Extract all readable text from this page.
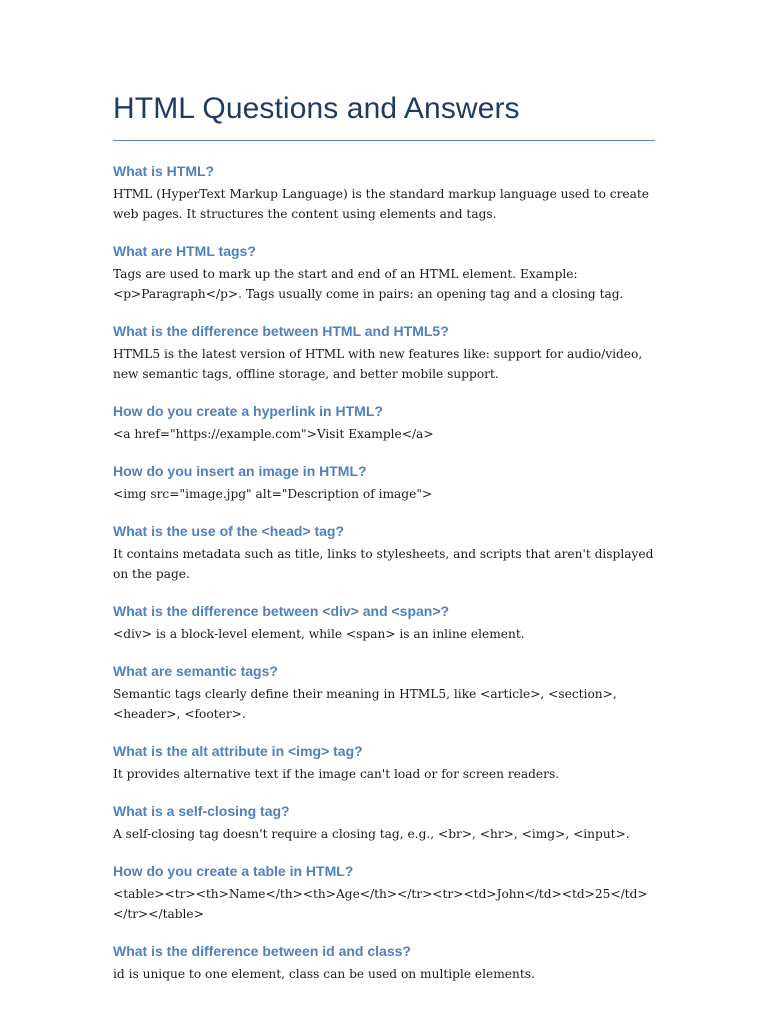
HTML Questions and Answers

What is HTML?

HTML (HyperText Markup Language) is the standard markup language used to create web pages. It structures the content using elements and tags.

What are HTML tags?

Tags are used to mark up the start and end of an HTML element. Example: <p>Paragraph</p>. Tags usually come in pairs: an opening tag and a closing tag.

What is the difference between HTML and HTML5?

HTML5 is the latest version of HTML with new features like: support for audio/video, new semantic tags, offline storage, and better mobile support.

How do you create a hyperlink in HTML?

<a href="https://example.com">Visit Example</a>

How do you insert an image in HTML?

<img src="image.jpg" alt="Description of image">

What is the use of the <head> tag?

It contains metadata such as title, links to stylesheets, and scripts that aren't displayed on the page.

What is the difference between <div> and <span>?

<div> is a block-level element, while <span> is an inline element.

What are semantic tags?

Semantic tags clearly define their meaning in HTML5, like <article>, <section>, <header>, <footer>.

What is the alt attribute in <img> tag?

It provides alternative text if the image can't load or for screen readers.

What is a self-closing tag?

A self-closing tag doesn't require a closing tag, e.g., <br>, <hr>, <img>, <input>.

How do you create a table in HTML?

<table><tr><th>Name</th><th>Age</th></tr><tr><td>John</td><td>25</td></tr></table>

What is the difference between id and class?

id is unique to one element, class can be used on multiple elements.
